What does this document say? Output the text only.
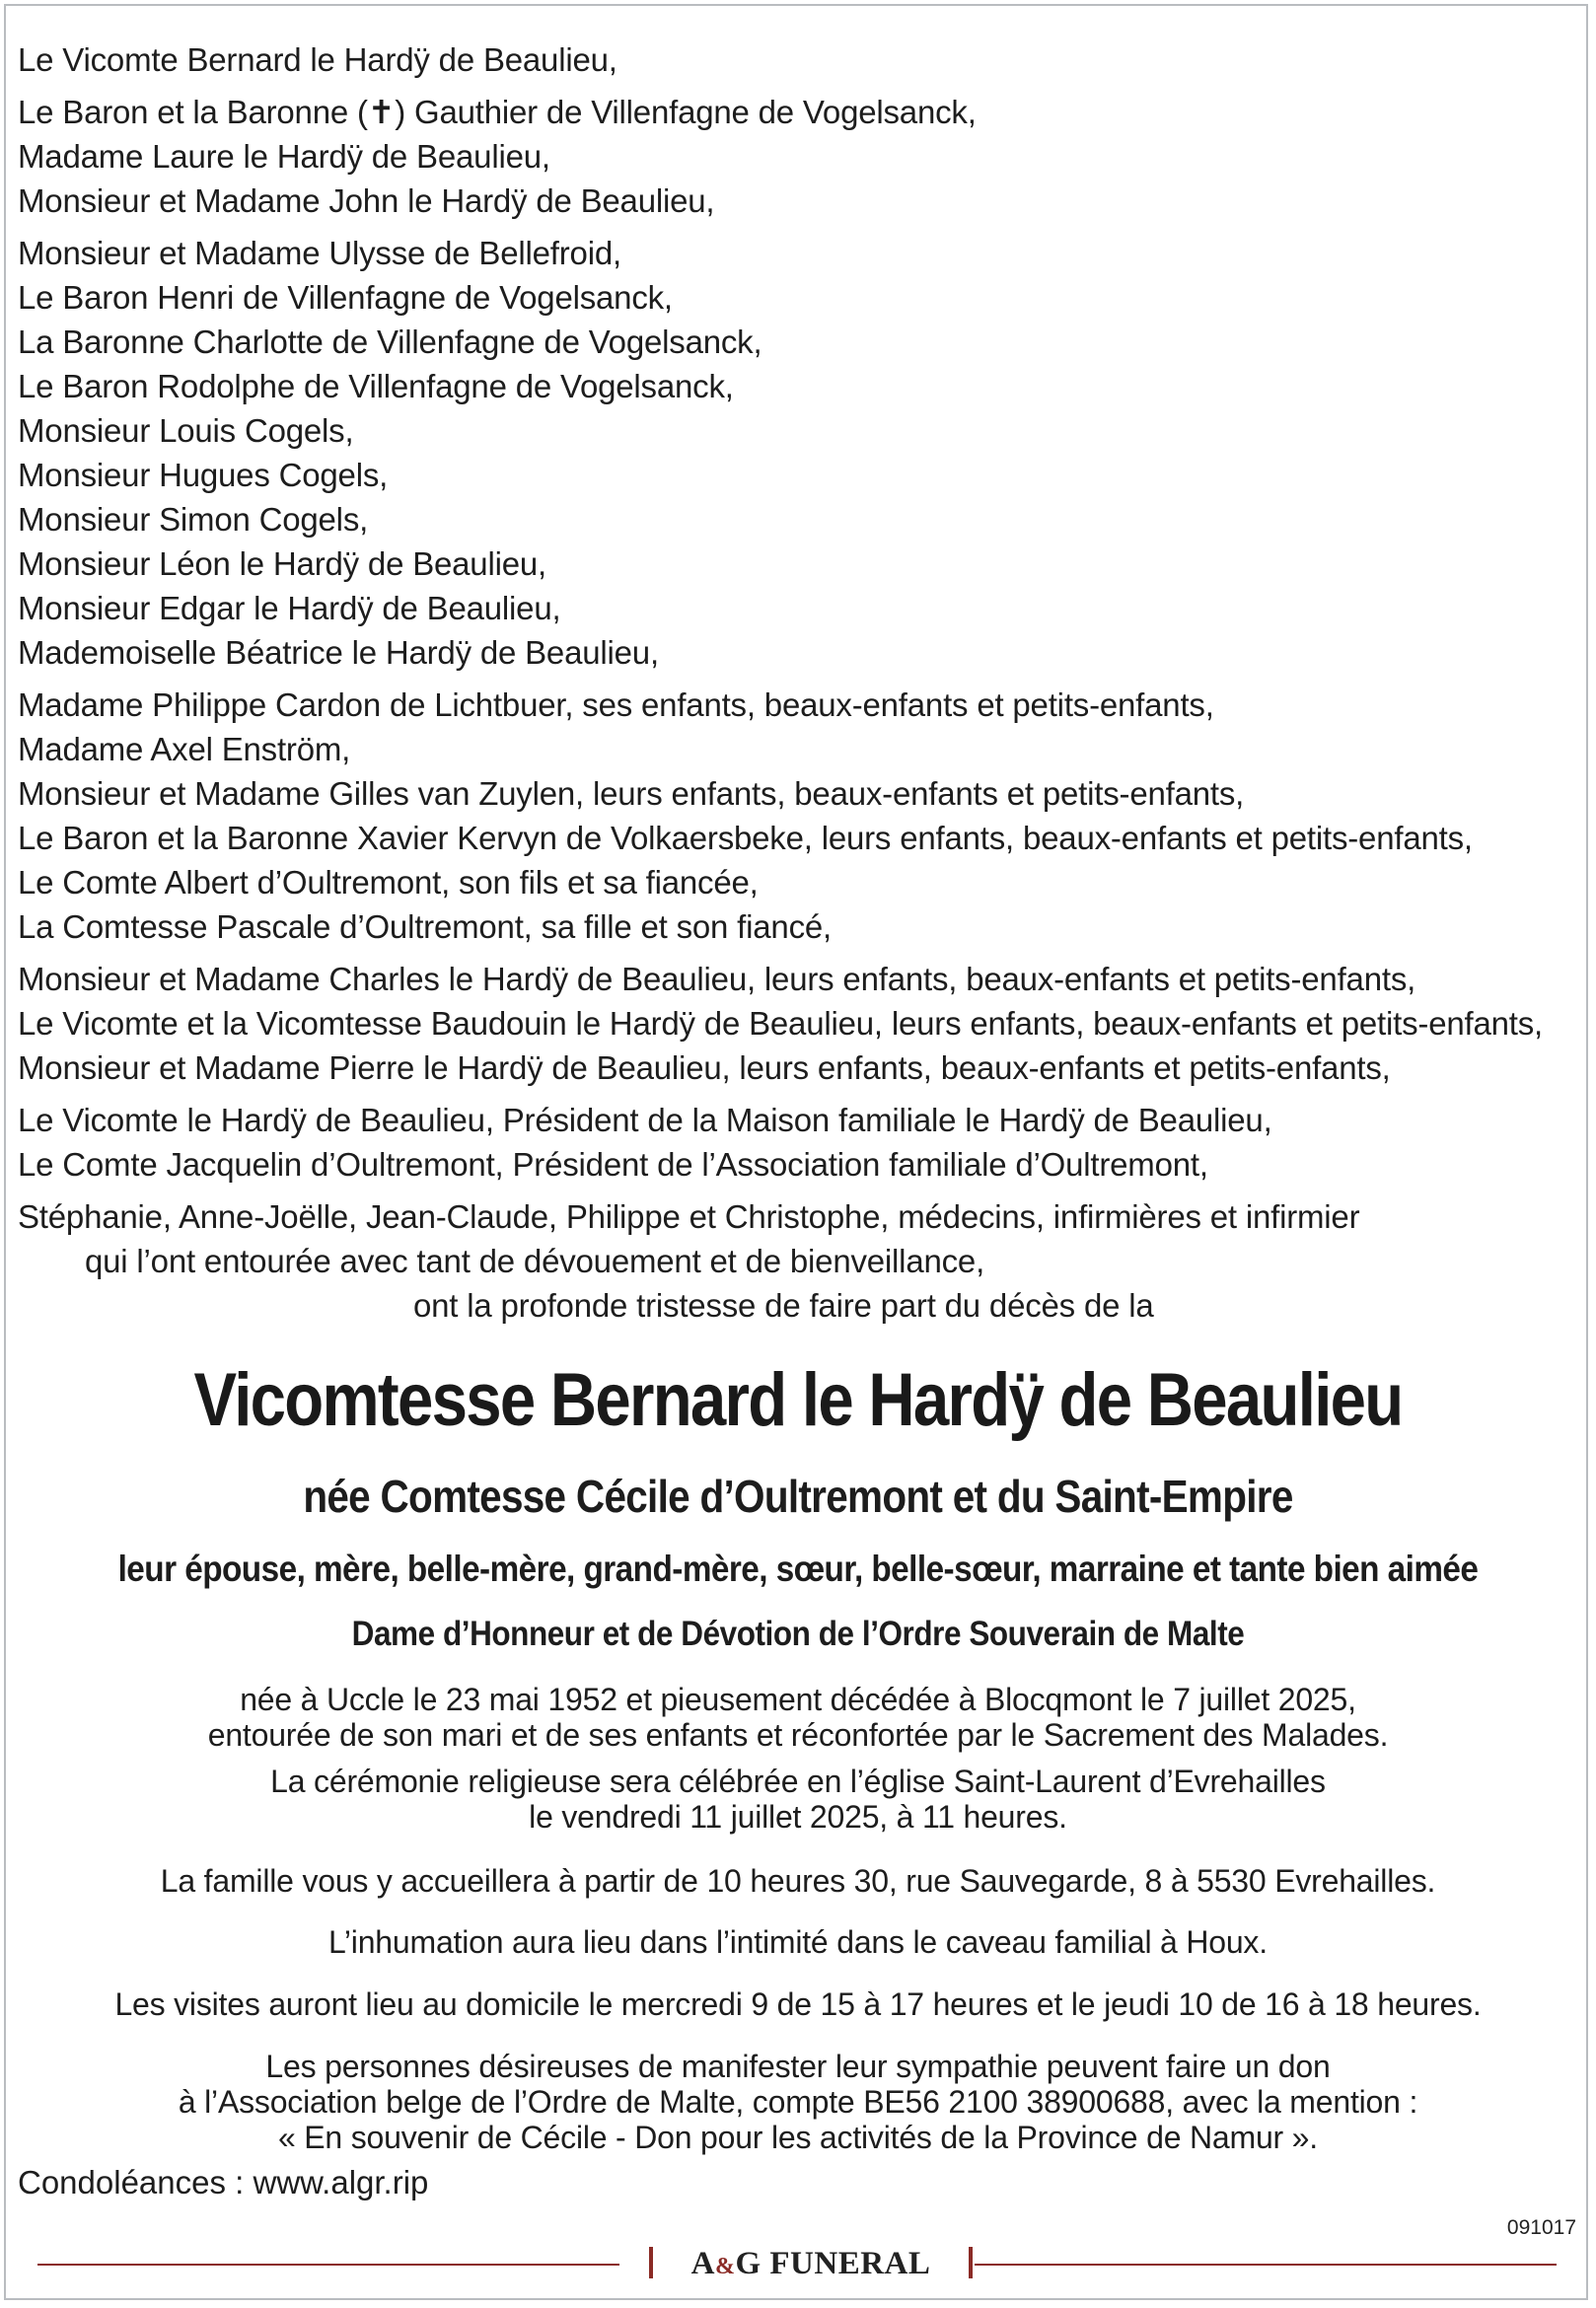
Le Vicomte Bernard le Hardÿ de Beaulieu,
Le Baron et la Baronne (✝) Gauthier de Villenfagne de Vogelsanck,
Madame Laure le Hardÿ de Beaulieu,
Monsieur et Madame John le Hardÿ de Beaulieu,
Monsieur et Madame Ulysse de Bellefroid,
Le Baron Henri de Villenfagne de Vogelsanck,
La Baronne Charlotte de Villenfagne de Vogelsanck,
Le Baron Rodolphe de Villenfagne de Vogelsanck,
Monsieur Louis Cogels,
Monsieur Hugues Cogels,
Monsieur Simon Cogels,
Monsieur Léon le Hardÿ de Beaulieu,
Monsieur Edgar le Hardÿ de Beaulieu,
Mademoiselle Béatrice le Hardÿ de Beaulieu,
Madame Philippe Cardon de Lichtbuer, ses enfants, beaux-enfants et petits-enfants,
Madame Axel Enström,
Monsieur et Madame Gilles van Zuylen, leurs enfants, beaux-enfants et petits-enfants,
Le Baron et la Baronne Xavier Kervyn de Volkaersbeke, leurs enfants, beaux-enfants et petits-enfants,
Le Comte Albert d’Oultremont, son fils et sa fiancée,
La Comtesse Pascale d’Oultremont, sa fille et son fiancé,
Monsieur et Madame Charles le Hardÿ de Beaulieu, leurs enfants, beaux-enfants et petits-enfants,
Le Vicomte et la Vicomtesse Baudouin le Hardÿ de Beaulieu, leurs enfants, beaux-enfants et petits-enfants,
Monsieur et Madame Pierre le Hardÿ de Beaulieu, leurs enfants, beaux-enfants et petits-enfants,
Le Vicomte le Hardÿ de Beaulieu, Président de la Maison familiale le Hardÿ de Beaulieu,
Le Comte Jacquelin d’Oultremont, Président de l’Association familiale d’Oultremont,
Stéphanie, Anne-Joëlle, Jean-Claude, Philippe et Christophe, médecins, infirmières et infirmier
qui l’ont entourée avec tant de dévouement et de bienveillance,
ont la profonde tristesse de faire part du décès de la
Vicomtesse Bernard le Hardÿ de Beaulieu
née Comtesse Cécile d’Oultremont et du Saint-Empire
leur épouse, mère, belle-mère, grand-mère, sœur, belle-sœur, marraine et tante bien aimée
Dame d’Honneur et de Dévotion de l’Ordre Souverain de Malte
née à Uccle le 23 mai 1952 et pieusement décédée à Blocqmont le 7 juillet 2025,
entourée de son mari et de ses enfants et réconfortée par le Sacrement des Malades.
La cérémonie religieuse sera célébrée en l’église Saint-Laurent d’Evrehailles
le vendredi 11 juillet 2025, à 11 heures.
La famille vous y accueillera à partir de 10 heures 30, rue Sauvegarde, 8 à 5530 Evrehailles.
L’inhumation aura lieu dans l’intimité dans le caveau familial à Houx.
Les visites auront lieu au domicile le mercredi 9 de 15 à 17 heures et le jeudi 10 de 16 à 18 heures.
Les personnes désireuses de manifester leur sympathie peuvent faire un don
à l’Association belge de l’Ordre de Malte, compte BE56 2100 38900688, avec la mention :
« En souvenir de Cécile - Don pour les activités de la Province de Namur ».
Condoléances : www.algr.rip
091017
A&G FUNERAL
